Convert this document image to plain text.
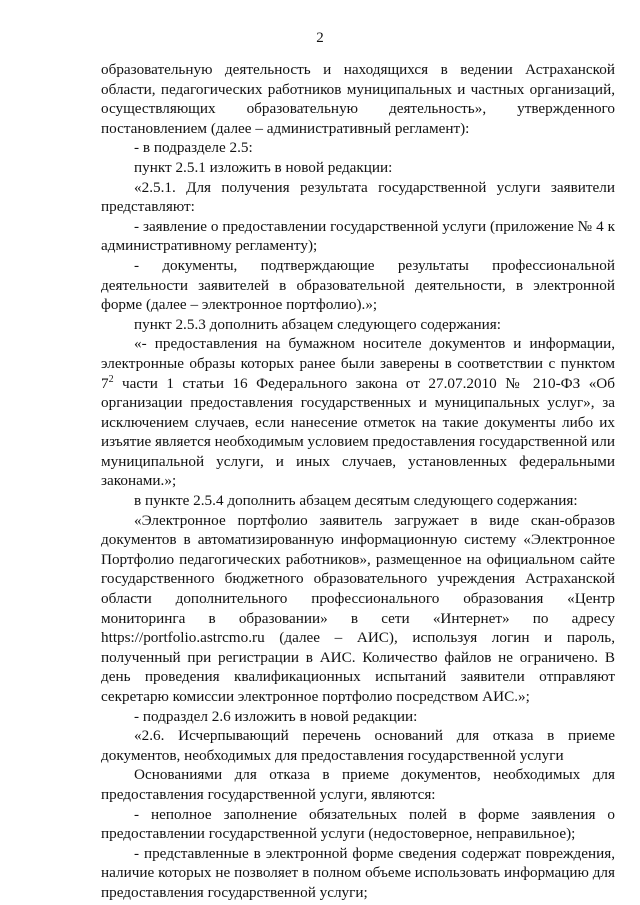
2

образовательную деятельность и находящихся в ведении Астраханской области, педагогических работников муниципальных и частных организаций, осуществляющих образовательную деятельность», утвержденного постановлением (далее – административный регламент):

- в подразделе 2.5:

пункт 2.5.1 изложить в новой редакции:

«2.5.1. Для получения результата государственной услуги заявители представляют:

- заявление о предоставлении государственной услуги (приложение № 4 к административному регламенту);

- документы, подтверждающие результаты профессиональной деятельности заявителей в образовательной деятельности, в электронной форме (далее – электронное портфолио).»;

пункт 2.5.3 дополнить абзацем следующего содержания:

«- предоставления на бумажном носителе документов и информации, электронные образы которых ранее были заверены в соответствии с пунктом $7^2$ части 1 статьи 16 Федерального закона от 27.07.2010 № 210-ФЗ «Об организации предоставления государственных и муниципальных услуг», за исключением случаев, если нанесение отметок на такие документы либо их изъятие является необходимым условием предоставления государственной или муниципальной услуги, и иных случаев, установленных федеральными законами.»;

в пункте 2.5.4 дополнить абзацем десятым следующего содержания:

«Электронное портфолио заявитель загружает в виде скан-образов документов в автоматизированную информационную систему «Электронное Портфолио педагогических работников», размещенное на официальном сайте государственного бюджетного образовательного учреждения Астраханской области дополнительного профессионального образования «Центр мониторинга в образовании» в сети «Интернет» по адресу https://portfolio.astrcmo.ru (далее – АИС), используя логин и пароль, полученный при регистрации в АИС. Количество файлов не ограничено. В день проведения квалификационных испытаний заявители отправляют секретарю комиссии электронное портфолио посредством АИС.»;

- подраздел 2.6 изложить в новой редакции:

«2.6. Исчерпывающий перечень оснований для отказа в приеме документов, необходимых для предоставления государственной услуги

Основаниями для отказа в приеме документов, необходимых для предоставления государственной услуги, являются:

- неполное заполнение обязательных полей в форме заявления о предоставлении государственной услуги (недостоверное, неправильное);

- представленные в электронной форме сведения содержат повреждения, наличие которых не позволяет в полном объеме использовать информацию для предоставления государственной услуги;
